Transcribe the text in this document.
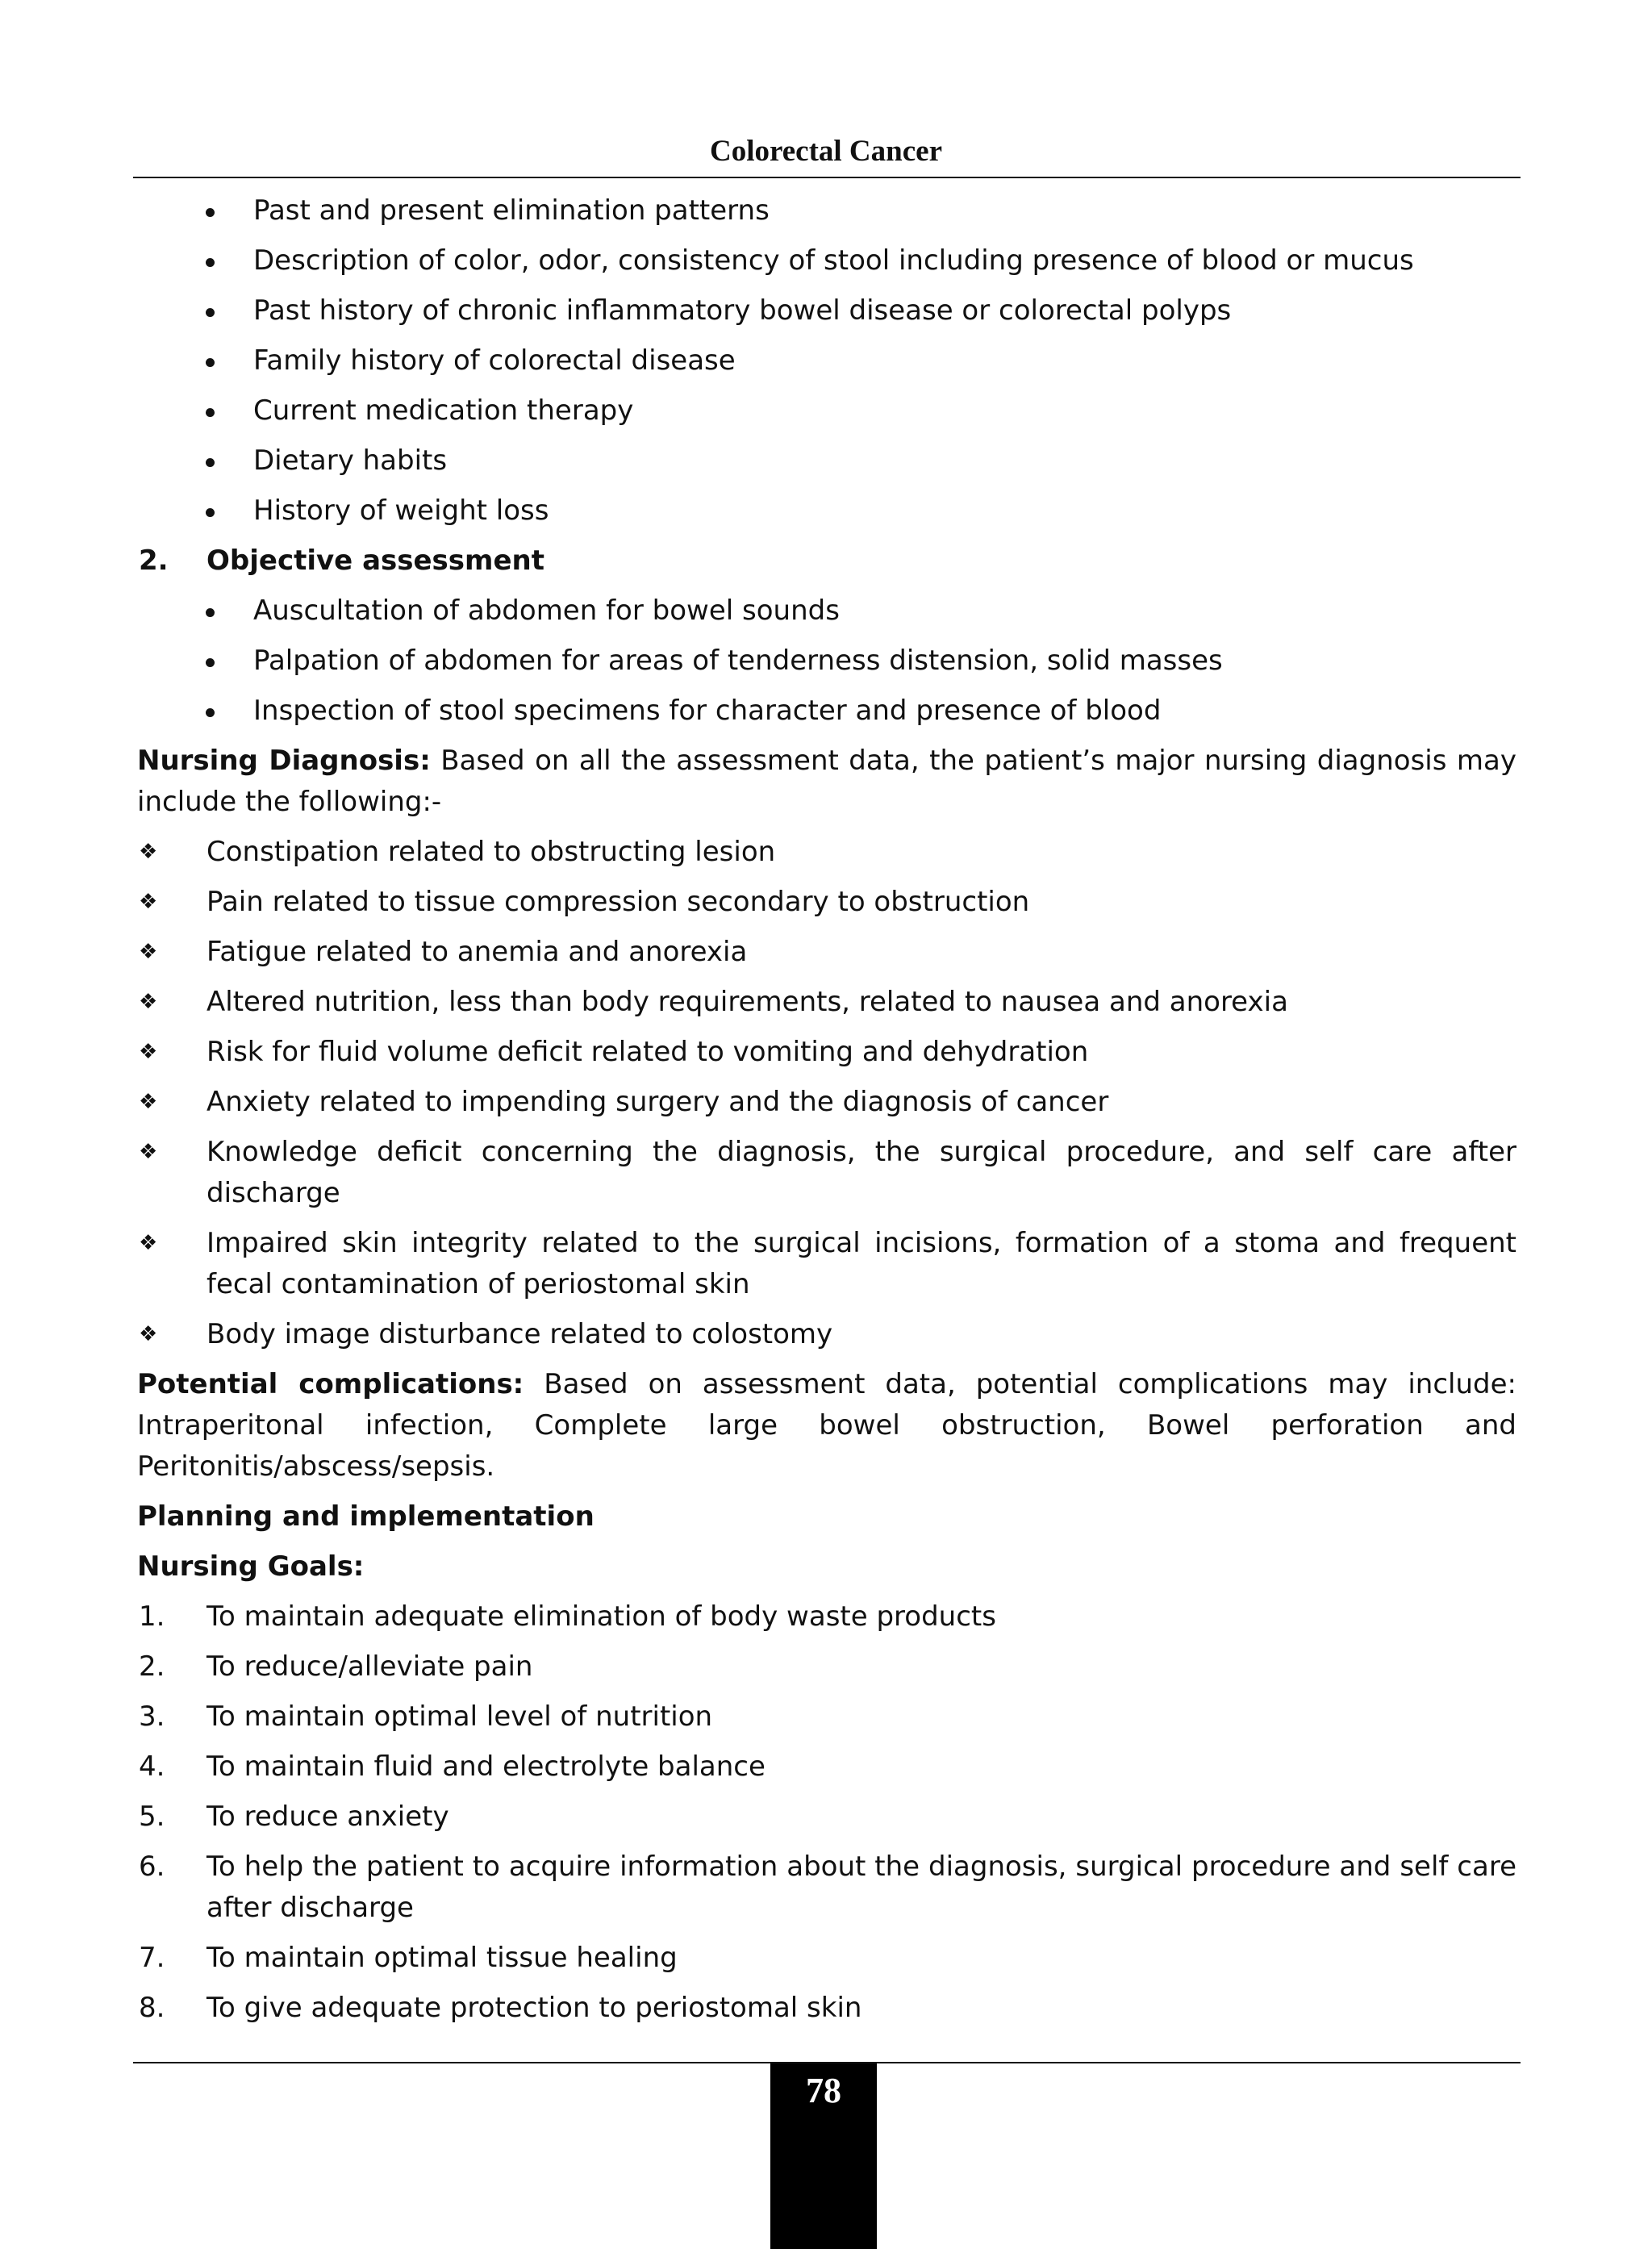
Colorectal Cancer
Past and present elimination patterns
Description of color, odor, consistency of stool including presence of blood or mucus
Past history of chronic inflammatory bowel disease or colorectal polyps
Family history of colorectal disease
Current medication therapy
Dietary habits
History of weight loss
2. Objective assessment
Auscultation of abdomen for bowel sounds
Palpation of abdomen for areas of tenderness distension, solid masses
Inspection of stool specimens for character and presence of blood
Nursing Diagnosis: Based on all the assessment data, the patient’s major nursing diagnosis may include the following:-
❖ Constipation related to obstructing lesion
❖ Pain related to tissue compression secondary to obstruction
❖ Fatigue related to anemia and anorexia
❖ Altered nutrition, less than body requirements, related to nausea and anorexia
❖ Risk for fluid volume deficit related to vomiting and dehydration
❖ Anxiety related to impending surgery and the diagnosis of cancer
❖ Knowledge deficit concerning the diagnosis, the surgical procedure, and self care after discharge
❖ Impaired skin integrity related to the surgical incisions, formation of a stoma and frequent fecal contamination of periostomal skin
❖ Body image disturbance related to colostomy
Potential complications: Based on assessment data, potential complications may include: Intraperitonal infection, Complete large bowel obstruction, Bowel perforation and Peritonitis/abscess/sepsis.
Planning and implementation
Nursing Goals:
1. To maintain adequate elimination of body waste products
2. To reduce/alleviate pain
3. To maintain optimal level of nutrition
4. To maintain fluid and electrolyte balance
5. To reduce anxiety
6. To help the patient to acquire information about the diagnosis, surgical procedure and self care after discharge
7. To maintain optimal tissue healing
8. To give adequate protection to periostomal skin
78
